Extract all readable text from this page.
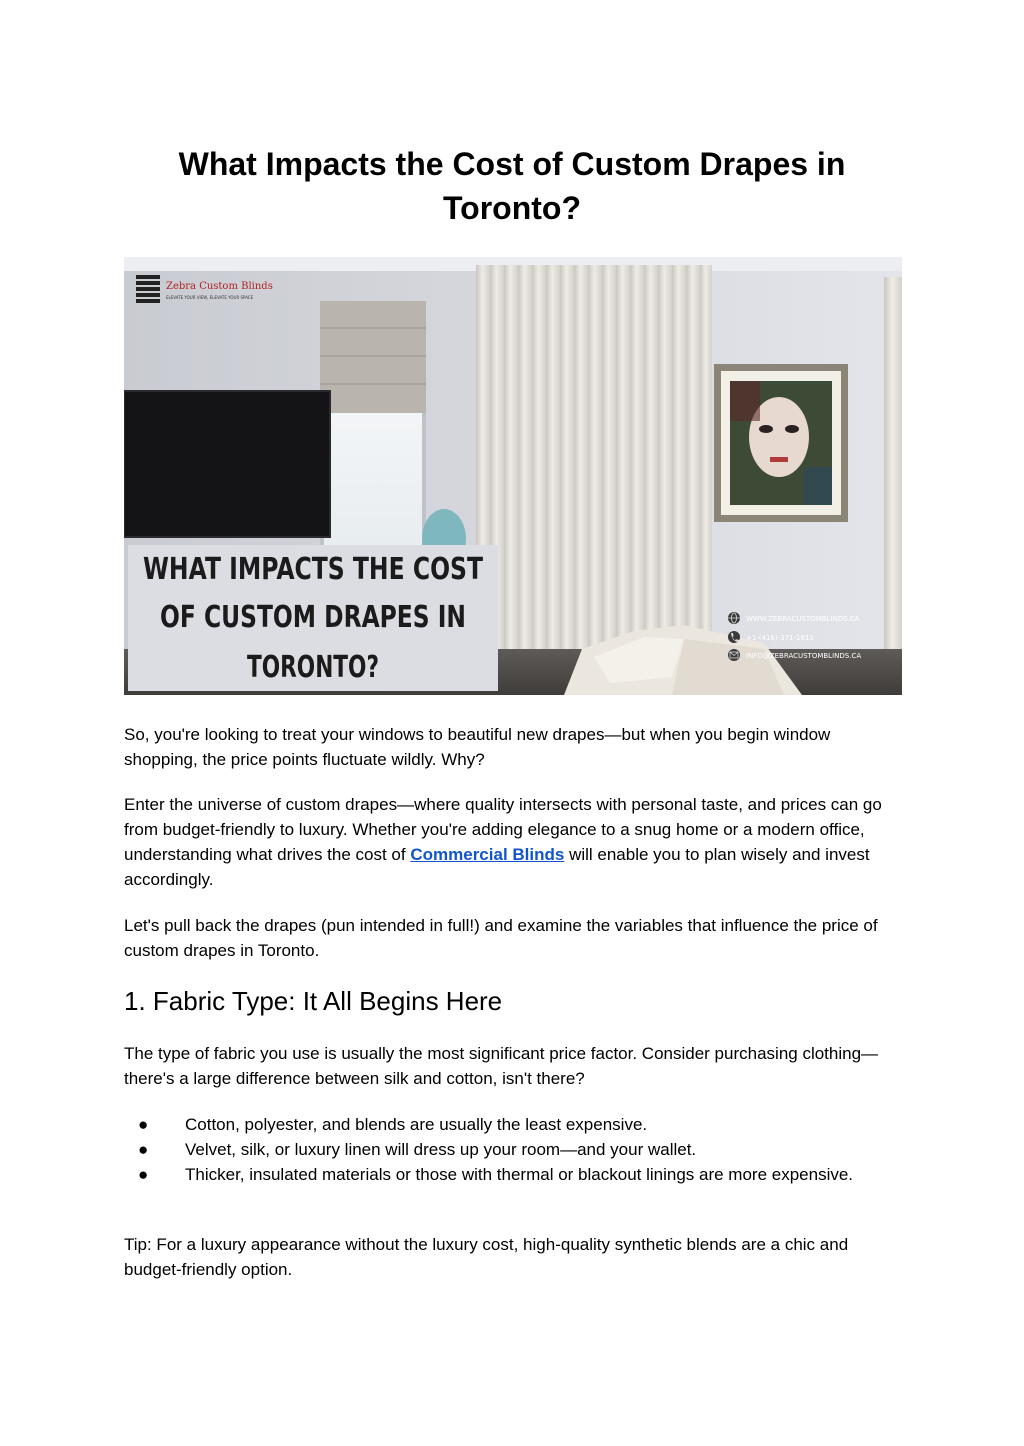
What Impacts the Cost of Custom Drapes in Toronto?
Zebra Custom Blinds
ELEVATE YOUR VIEW, ELEVATE YOUR SPACE
WHAT IMPACTS THE COST
OF CUSTOM DRAPES IN
TORONTO?
WWW.ZEBRACUSTOMBLINDS.CA
+1-(416)-371-1811
INFO@ZEBRACUSTOMBLINDS.CA

So, you're looking to treat your windows to beautiful new drapes—but when you begin window shopping, the price points fluctuate wildly. Why?

Enter the universe of custom drapes—where quality intersects with personal taste, and prices can go from budget-friendly to luxury. Whether you're adding elegance to a snug home or a modern office, understanding what drives the cost of Commercial Blinds will enable you to plan wisely and invest accordingly.

Let's pull back the drapes (pun intended in full!) and examine the variables that influence the price of custom drapes in Toronto.

1. Fabric Type: It All Begins Here

The type of fabric you use is usually the most significant price factor. Consider purchasing clothing—there's a large difference between silk and cotton, isn't there?

● Cotton, polyester, and blends are usually the least expensive.
● Velvet, silk, or luxury linen will dress up your room—and your wallet.
● Thicker, insulated materials or those with thermal or blackout linings are more expensive.

Tip: For a luxury appearance without the luxury cost, high-quality synthetic blends are a chic and budget-friendly option.
